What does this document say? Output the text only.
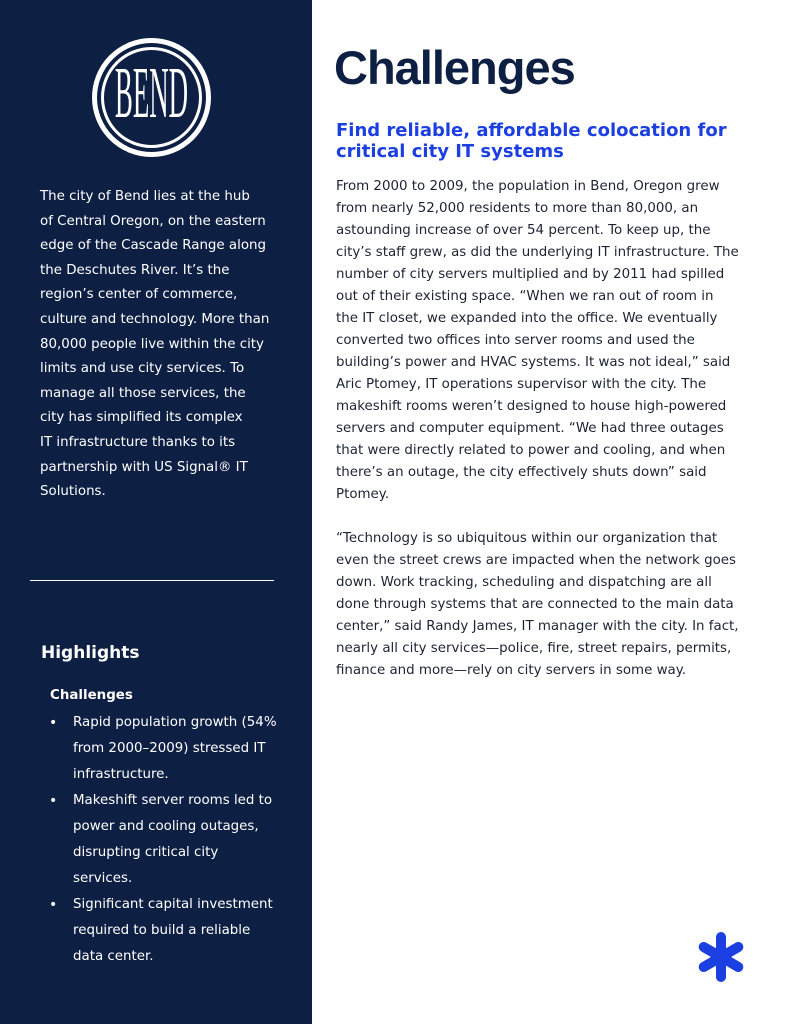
BEND

The city of Bend lies at the hub
of Central Oregon, on the eastern
edge of the Cascade Range along
the Deschutes River. It’s the
region’s center of commerce,
culture and technology. More than
80,000 people live within the city
limits and use city services. To
manage all those services, the
city has simplified its complex
IT infrastructure thanks to its
partnership with US Signal® IT
Solutions.

Highlights
Challenges
• Rapid population growth (54%
from 2000–2009) stressed IT
infrastructure.
• Makeshift server rooms led to
power and cooling outages,
disrupting critical city
services.
• Significant capital investment
required to build a reliable
data center.
Challenges
Find reliable, affordable colocation for
critical city IT systems

From 2000 to 2009, the population in Bend, Oregon grew
from nearly 52,000 residents to more than 80,000, an
astounding increase of over 54 percent. To keep up, the
city’s staff grew, as did the underlying IT infrastructure. The
number of city servers multiplied and by 2011 had spilled
out of their existing space. “When we ran out of room in
the IT closet, we expanded into the office. We eventually
converted two offices into server rooms and used the
building’s power and HVAC systems. It was not ideal,” said
Aric Ptomey, IT operations supervisor with the city. The
makeshift rooms weren’t designed to house high-powered
servers and computer equipment. “We had three outages
that were directly related to power and cooling, and when
there’s an outage, the city effectively shuts down” said
Ptomey.

“Technology is so ubiquitous within our organization that
even the street crews are impacted when the network goes
down. Work tracking, scheduling and dispatching are all
done through systems that are connected to the main data
center,” said Randy James, IT manager with the city. In fact,
nearly all city services—police, fire, street repairs, permits,
finance and more—rely on city servers in some way.
